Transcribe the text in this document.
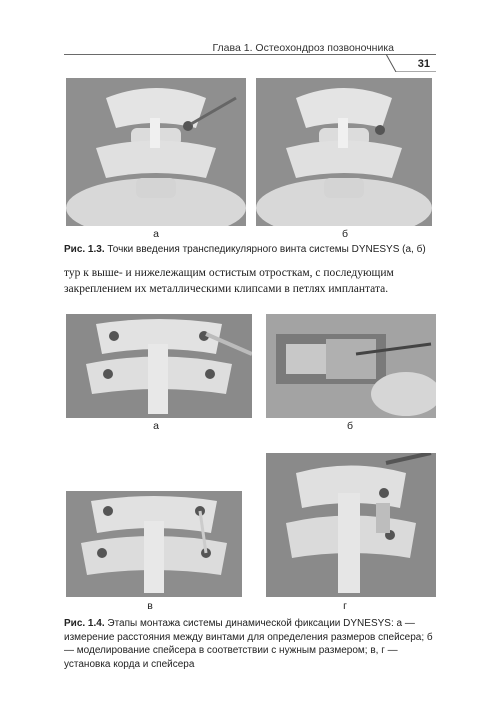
Глава 1. Остеохондроз позвоночника
31
а	б
Рис. 1.3. Точки введения транспедикулярного винта системы DYNESYS (а, б)
тур к выше- и нижележащим остистым отросткам, с последующим закреплением их металлическими клипсами в петлях имплантата.
а	б
в	г
Рис. 1.4. Этапы монтажа системы динамической фиксации DYNESYS: а — измерение расстояния между винтами для определения размеров спейсера; б — моделирование спейсера в соответствии с нужным размером; в, г — установка корда и спейсера
